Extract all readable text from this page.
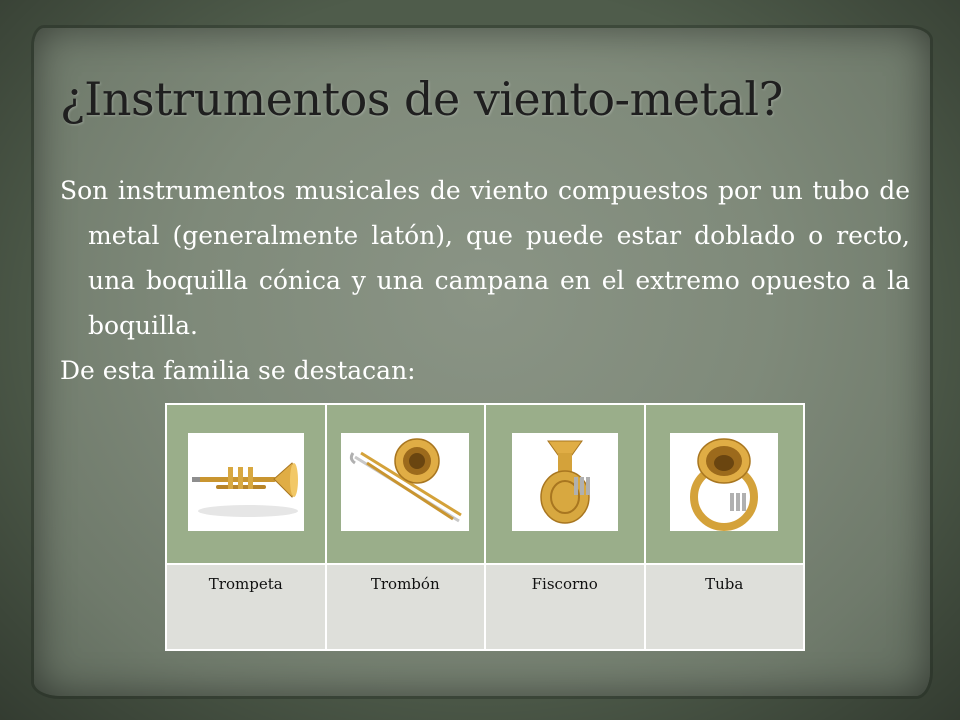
¿Instrumentos de viento-metal?

Son instrumentos musicales de viento compuestos por un tubo de metal (generalmente latón), que puede estar doblado o recto, una boquilla cónica y una campana en el extremo opuesto a la boquilla.

De esta familia se destacan:

Trompeta	Trombón	Fiscorno	Tuba
